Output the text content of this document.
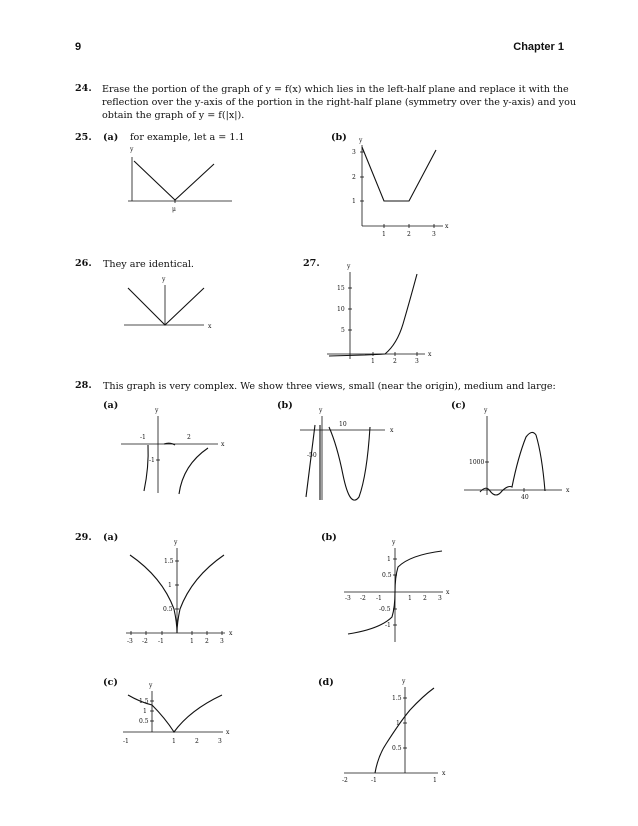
9	Chapter 1
24. Erase the portion of the graph of y = f(x) which lies in the left-half plane and replace it with the reflection over the y-axis of the portion in the right-half plane (symmetry over the y-axis) and you obtain the graph of y = f(|x|).
25. (a) for example, let a = 1.1	(b)
y
μ
y
x
3
2
1
1	2	3
26. They are identical.	27.
y
x
y
x
15
10
5
1	2	3
28. This graph is very complex. We show three views, small (near the origin), medium and large:
(a)	(b)	(c)
y
x
-1	2
-1
y
x
10
-50
y
x
1000
40
29. (a)	(b)
(c)	(d)
y
x
1.5
1
0.5
-3 -2 -1	1 2 3
y
x
1
0.5
-0.5
-1
-3 -2 -1	1 2 3
y
x
1.5
1
0.5
-1	1	2	3
y
x
1.5
1
0.5
-2	-1	1
